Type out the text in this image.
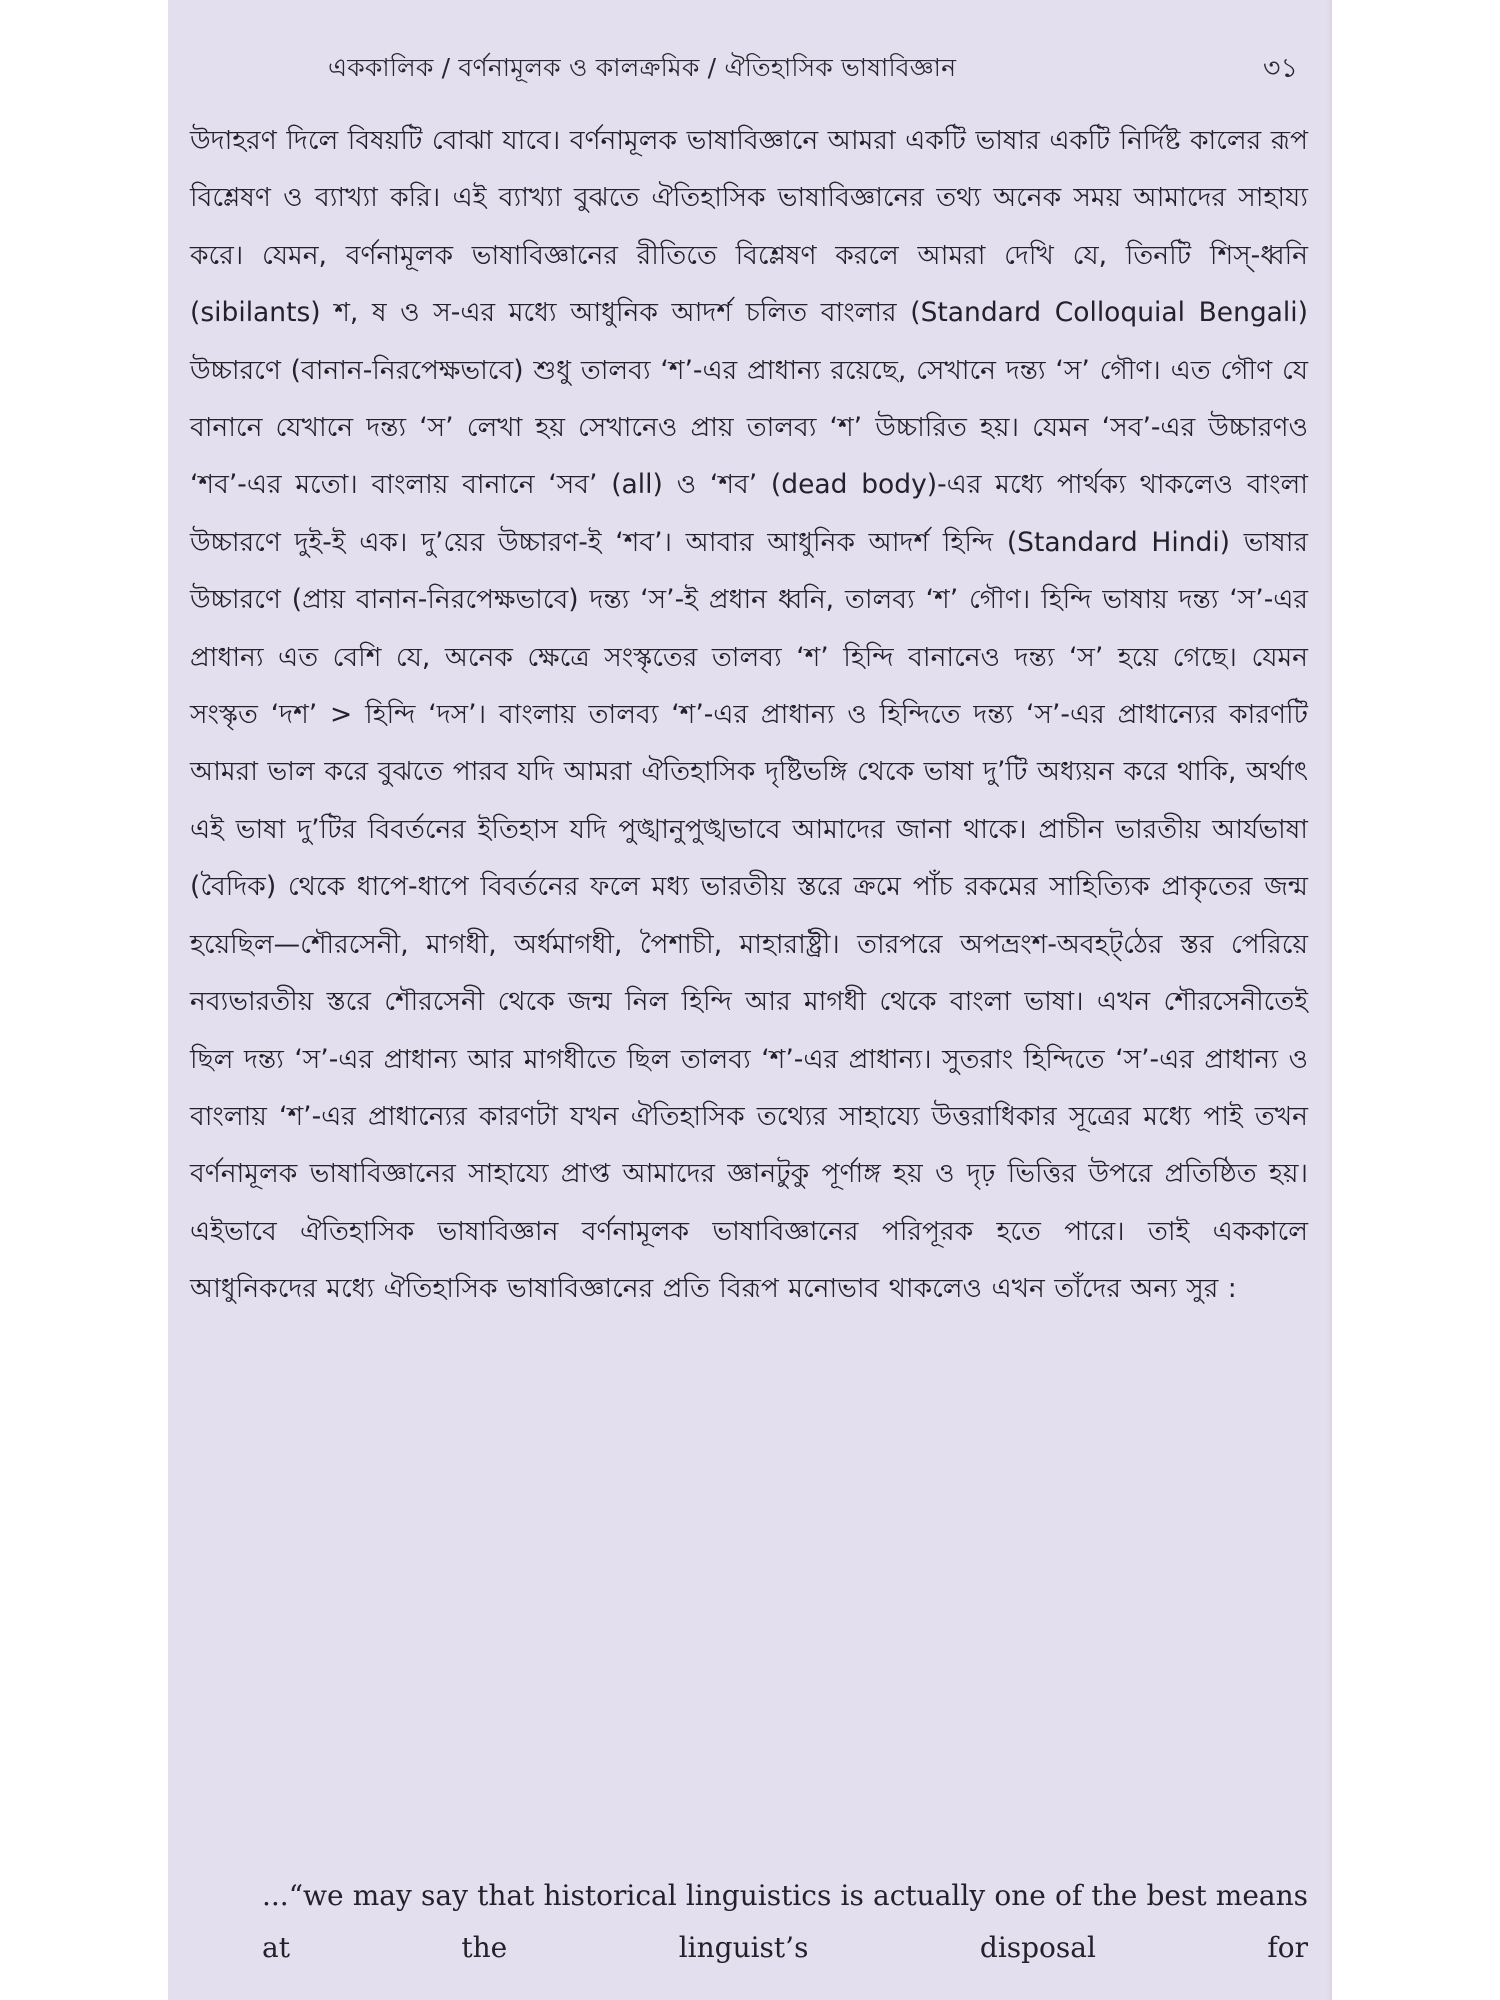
এককালিক / বর্ণনামূলক ও কালক্রমিক / ঐতিহাসিক ভাষাবিজ্ঞান	৩১

উদাহরণ দিলে বিষয়টি বোঝা যাবে। বর্ণনামূলক ভাষাবিজ্ঞানে আমরা একটি ভাষার একটি নির্দিষ্ট কালের রূপ বিশ্লেষণ ও ব্যাখ্যা করি। এই ব্যাখ্যা বুঝতে ঐতিহাসিক ভাষাবিজ্ঞানের তথ্য অনেক সময় আমাদের সাহায্য করে। যেমন, বর্ণনামূলক ভাষাবিজ্ঞানের রীতিতে বিশ্লেষণ করলে আমরা দেখি যে, তিনটি শিস্‌-ধ্বনি (sibilants) শ, ষ ও স-এর মধ্যে আধুনিক আদর্শ চলিত বাংলার (Standard Colloquial Bengali) উচ্চারণে (বানান-নিরপেক্ষভাবে) শুধু তালব্য ‘শ’-এর প্রাধান্য রয়েছে, সেখানে দন্ত্য ‘স’ গৌণ। এত গৌণ যে বানানে যেখানে দন্ত্য ‘স’ লেখা হয় সেখানেও প্রায় তালব্য ‘শ’ উচ্চারিত হয়। যেমন ‘সব’-এর উচ্চারণও ‘শব’-এর মতো। বাংলায় বানানে ‘সব’ (all) ও ‘শব’ (dead body)-এর মধ্যে পার্থক্য থাকলেও বাংলা উচ্চারণে দুই-ই এক। দু’য়ের উচ্চারণ-ই ‘শব’। আবার আধুনিক আদর্শ হিন্দি (Standard Hindi) ভাষার উচ্চারণে (প্রায় বানান-নিরপেক্ষভাবে) দন্ত্য ‘স’-ই প্রধান ধ্বনি, তালব্য ‘শ’ গৌণ। হিন্দি ভাষায় দন্ত্য ‘স’-এর প্রাধান্য এত বেশি যে, অনেক ক্ষেত্রে সংস্কৃতের তালব্য ‘শ’ হিন্দি বানানেও দন্ত্য ‘স’ হয়ে গেছে। যেমন সংস্কৃত ‘দশ’ > হিন্দি ‘দস’। বাংলায় তালব্য ‘শ’-এর প্রাধান্য ও হিন্দিতে দন্ত্য ‘স’-এর প্রাধান্যের কারণটি আমরা ভাল করে বুঝতে পারব যদি আমরা ঐতিহাসিক দৃষ্টিভঙ্গি থেকে ভাষা দু’টি অধ্যয়ন করে থাকি, অর্থাৎ এই ভাষা দু’টির বিবর্তনের ইতিহাস যদি পুঙ্খানুপুঙ্খভাবে আমাদের জানা থাকে। প্রাচীন ভারতীয় আর্যভাষা (বৈদিক) থেকে ধাপে-ধাপে বিবর্তনের ফলে মধ্য ভারতীয় স্তরে ক্রমে পাঁচ রকমের সাহিত্যিক প্রাকৃতের জন্ম হয়েছিল—শৌরসেনী, মাগধী, অর্ধমাগধী, পৈশাচী, মাহারাষ্ট্রী। তারপরে অপভ্রংশ-অবহট্‌ঠের স্তর পেরিয়ে নব্যভারতীয় স্তরে শৌরসেনী থেকে জন্ম নিল হিন্দি আর মাগধী থেকে বাংলা ভাষা। এখন শৌরসেনীতেই ছিল দন্ত্য ‘স’-এর প্রাধান্য আর মাগধীতে ছিল তালব্য ‘শ’-এর প্রাধান্য। সুতরাং হিন্দিতে ‘স’-এর প্রাধান্য ও বাংলায় ‘শ’-এর প্রাধান্যের কারণটা যখন ঐতিহাসিক তথ্যের সাহায্যে উত্তরাধিকার সূত্রের মধ্যে পাই তখন বর্ণনামূলক ভাষাবিজ্ঞানের সাহায্যে প্রাপ্ত আমাদের জ্ঞানটুকু পূর্ণাঙ্গ হয় ও দৃঢ় ভিত্তির উপরে প্রতিষ্ঠিত হয়। এইভাবে ঐতিহাসিক ভাষাবিজ্ঞান বর্ণনামূলক ভাষাবিজ্ঞানের পরিপূরক হতে পারে। তাই এককালে আধুনিকদের মধ্যে ঐতিহাসিক ভাষাবিজ্ঞানের প্রতি বিরূপ মনোভাব থাকলেও এখন তাঁদের অন্য সুর :

...“we may say that historical linguistics is actually one of the best means at the linguist’s disposal for
